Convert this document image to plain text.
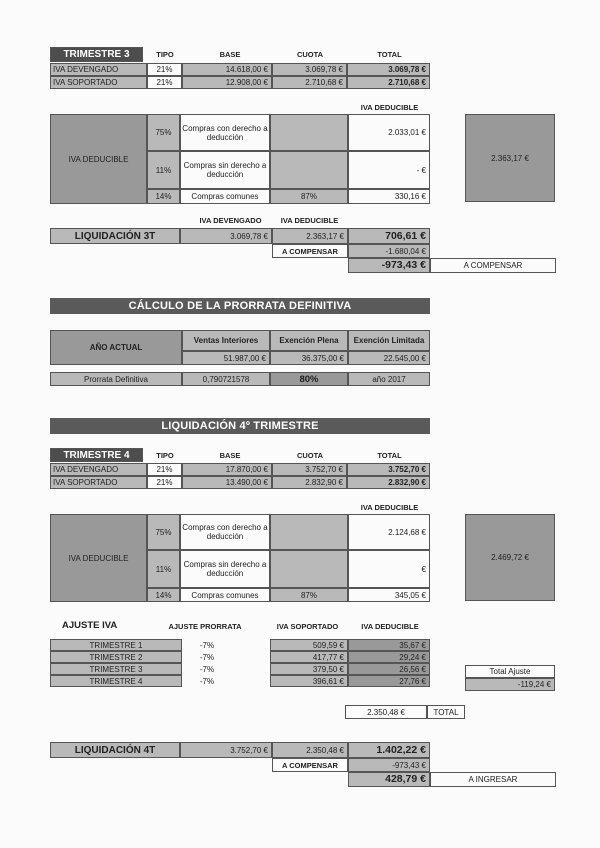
TRIMESTRE 3	TIPO	BASE	CUOTA	TOTAL
IVA DEVENGADO	21%	14.618,00 €	3.069,78 €	3.069,78 €
IVA SOPORTADO	21%	12.908,00 €	2.710,68 €	2.710,68 €
IVA DEDUCIBLE
IVA DEDUCIBLE
75%	Compras con derecho a deducción	2.033,01 €
11%	Compras sin derecho a deducción	- €
14%	Compras comunes	87%	330,16 €
2.363,17 €
IVA DEVENGADO	IVA DEDUCIBLE
LIQUIDACIÓN 3T	3.069,78 €	2.363,17 €	706,61 €
A COMPENSAR	-1.680,04 €
-973,43 €	A COMPENSAR
CÁLCULO DE LA PRORRATA DEFINITIVA
AÑO ACTUAL
Ventas Interiores	Exención Plena	Exención Limitada
51.987,00 €	36.375,00 €	22.545,00 €
Prorrata Definitiva	0,790721578	80%	año 2017
LIQUIDACIÓN 4º TRIMESTRE
TRIMESTRE 4	TIPO	BASE	CUOTA	TOTAL
IVA DEVENGADO	21%	17.870,00 €	3.752,70 €	3.752,70 €
IVA SOPORTADO	21%	13.490,00 €	2.832,90 €	2.832,90 €
IVA DEDUCIBLE
IVA DEDUCIBLE
75%	Compras con derecho a deducción	2.124,68 €
11%	Compras sin derecho a deducción	€
14%	Compras comunes	87%	345,05 €
2.469,72 €
AJUSTE IVA	AJUSTE PRORRATA	IVA SOPORTADO	IVA DEDUCIBLE
TRIMESTRE 1	-7%	509,59 €	35,67 €
TRIMESTRE 2	-7%	417,77 €	29,24 €
TRIMESTRE 3	-7%	379,50 €	26,56 €
TRIMESTRE 4	-7%	396,61 €	27,76 €
Total Ajuste
-119,24 €
2.350,48 €	TOTAL
LIQUIDACIÓN 4T	3.752,70 €	2.350,48 €	1.402,22 €
A COMPENSAR	-973,43 €
428,79 €	A INGRESAR
